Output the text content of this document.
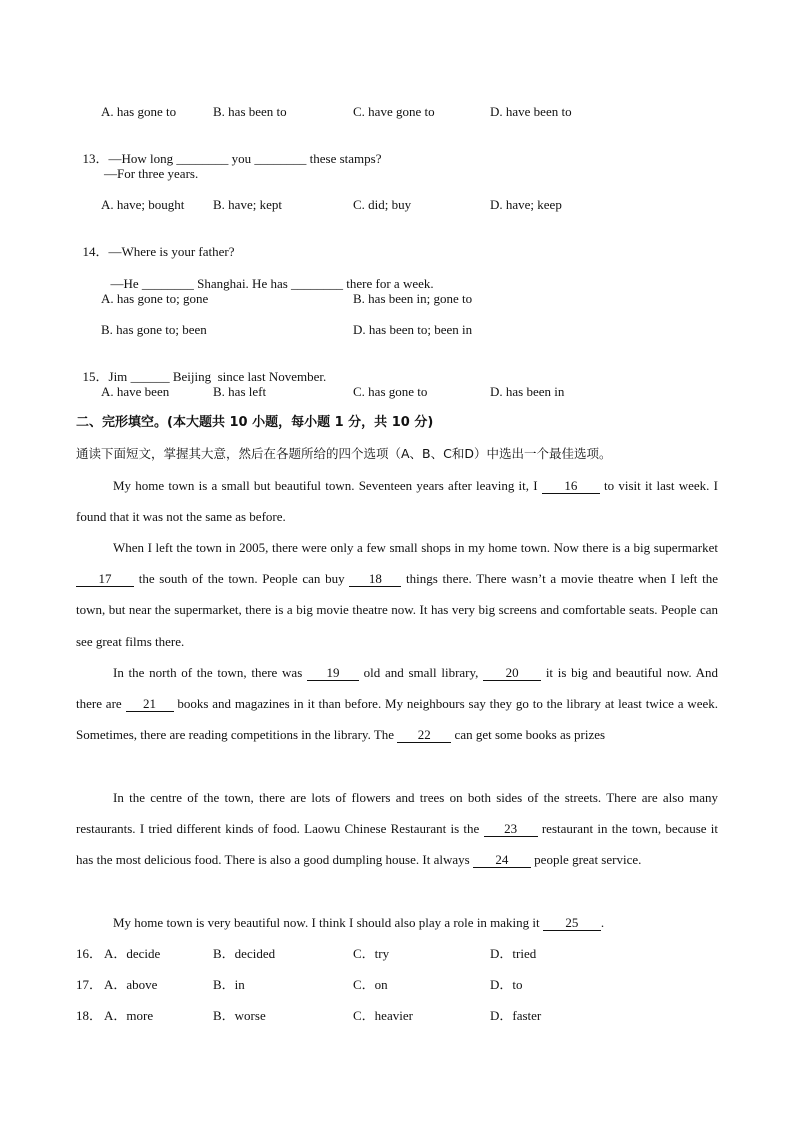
A. has gone to	B. has been to	C. have gone to	D. have been to

13．—How long ________ you ________ these stamps?

—For three years.
A. have; bought B. have; kept	C. did; buy	D. have; keep

14．—Where is your father?

—He ________ Shanghai. He has ________ there for a week.

A. has gone to; gone	B. has been in; gone to
B. has gone to; been	D. has been to; been in

15．Jim ______ Beijing  since last November.

A. have been	B. has left	C. has gone to	D. has been in
二、完形填空。(本大题共 10 小题，每小题 1 分，共 10 分)
通读下面短文，掌握其大意，然后在各题所给的四个选项（A、B、C和D）中选出一个最佳选项。
My home town is a small but beautiful town. Seventeen years after leaving it, I 16 to visit it last week. I found that it was not the same as before.
When I left the town in 2005, there were only a few small shops in my home town. Now there is a big supermarket 17 the south of the town. People can buy 18 things there. There wasn’t a movie theatre when I left the town, but near the supermarket, there is a big movie theatre now. It has very big screens and comfortable seats. People can see great films there.
In the north of the town, there was 19 old and small library, 20 it is big and beautiful now. And there are 21 books and magazines in it than before. My neighbours say they go to the library at least twice a week. Sometimes, there are reading competitions in the library. The 22 can get some books as prizes
In the centre of the town, there are lots of flowers and trees on both sides of the streets. There are also many restaurants. I tried different kinds of food. Laowu Chinese Restaurant is the 23 restaurant in the town, because it has the most delicious food. There is also a good dumpling house. It always 24 people great service.
My home town is very beautiful now. I think I should also play a role in making it 25 .
16． A．decide	B．decided	C．try	D．tried
17． A．above	B．in	C．on	D．to
18． A．more	B．worse	C．heavier	D．faster
